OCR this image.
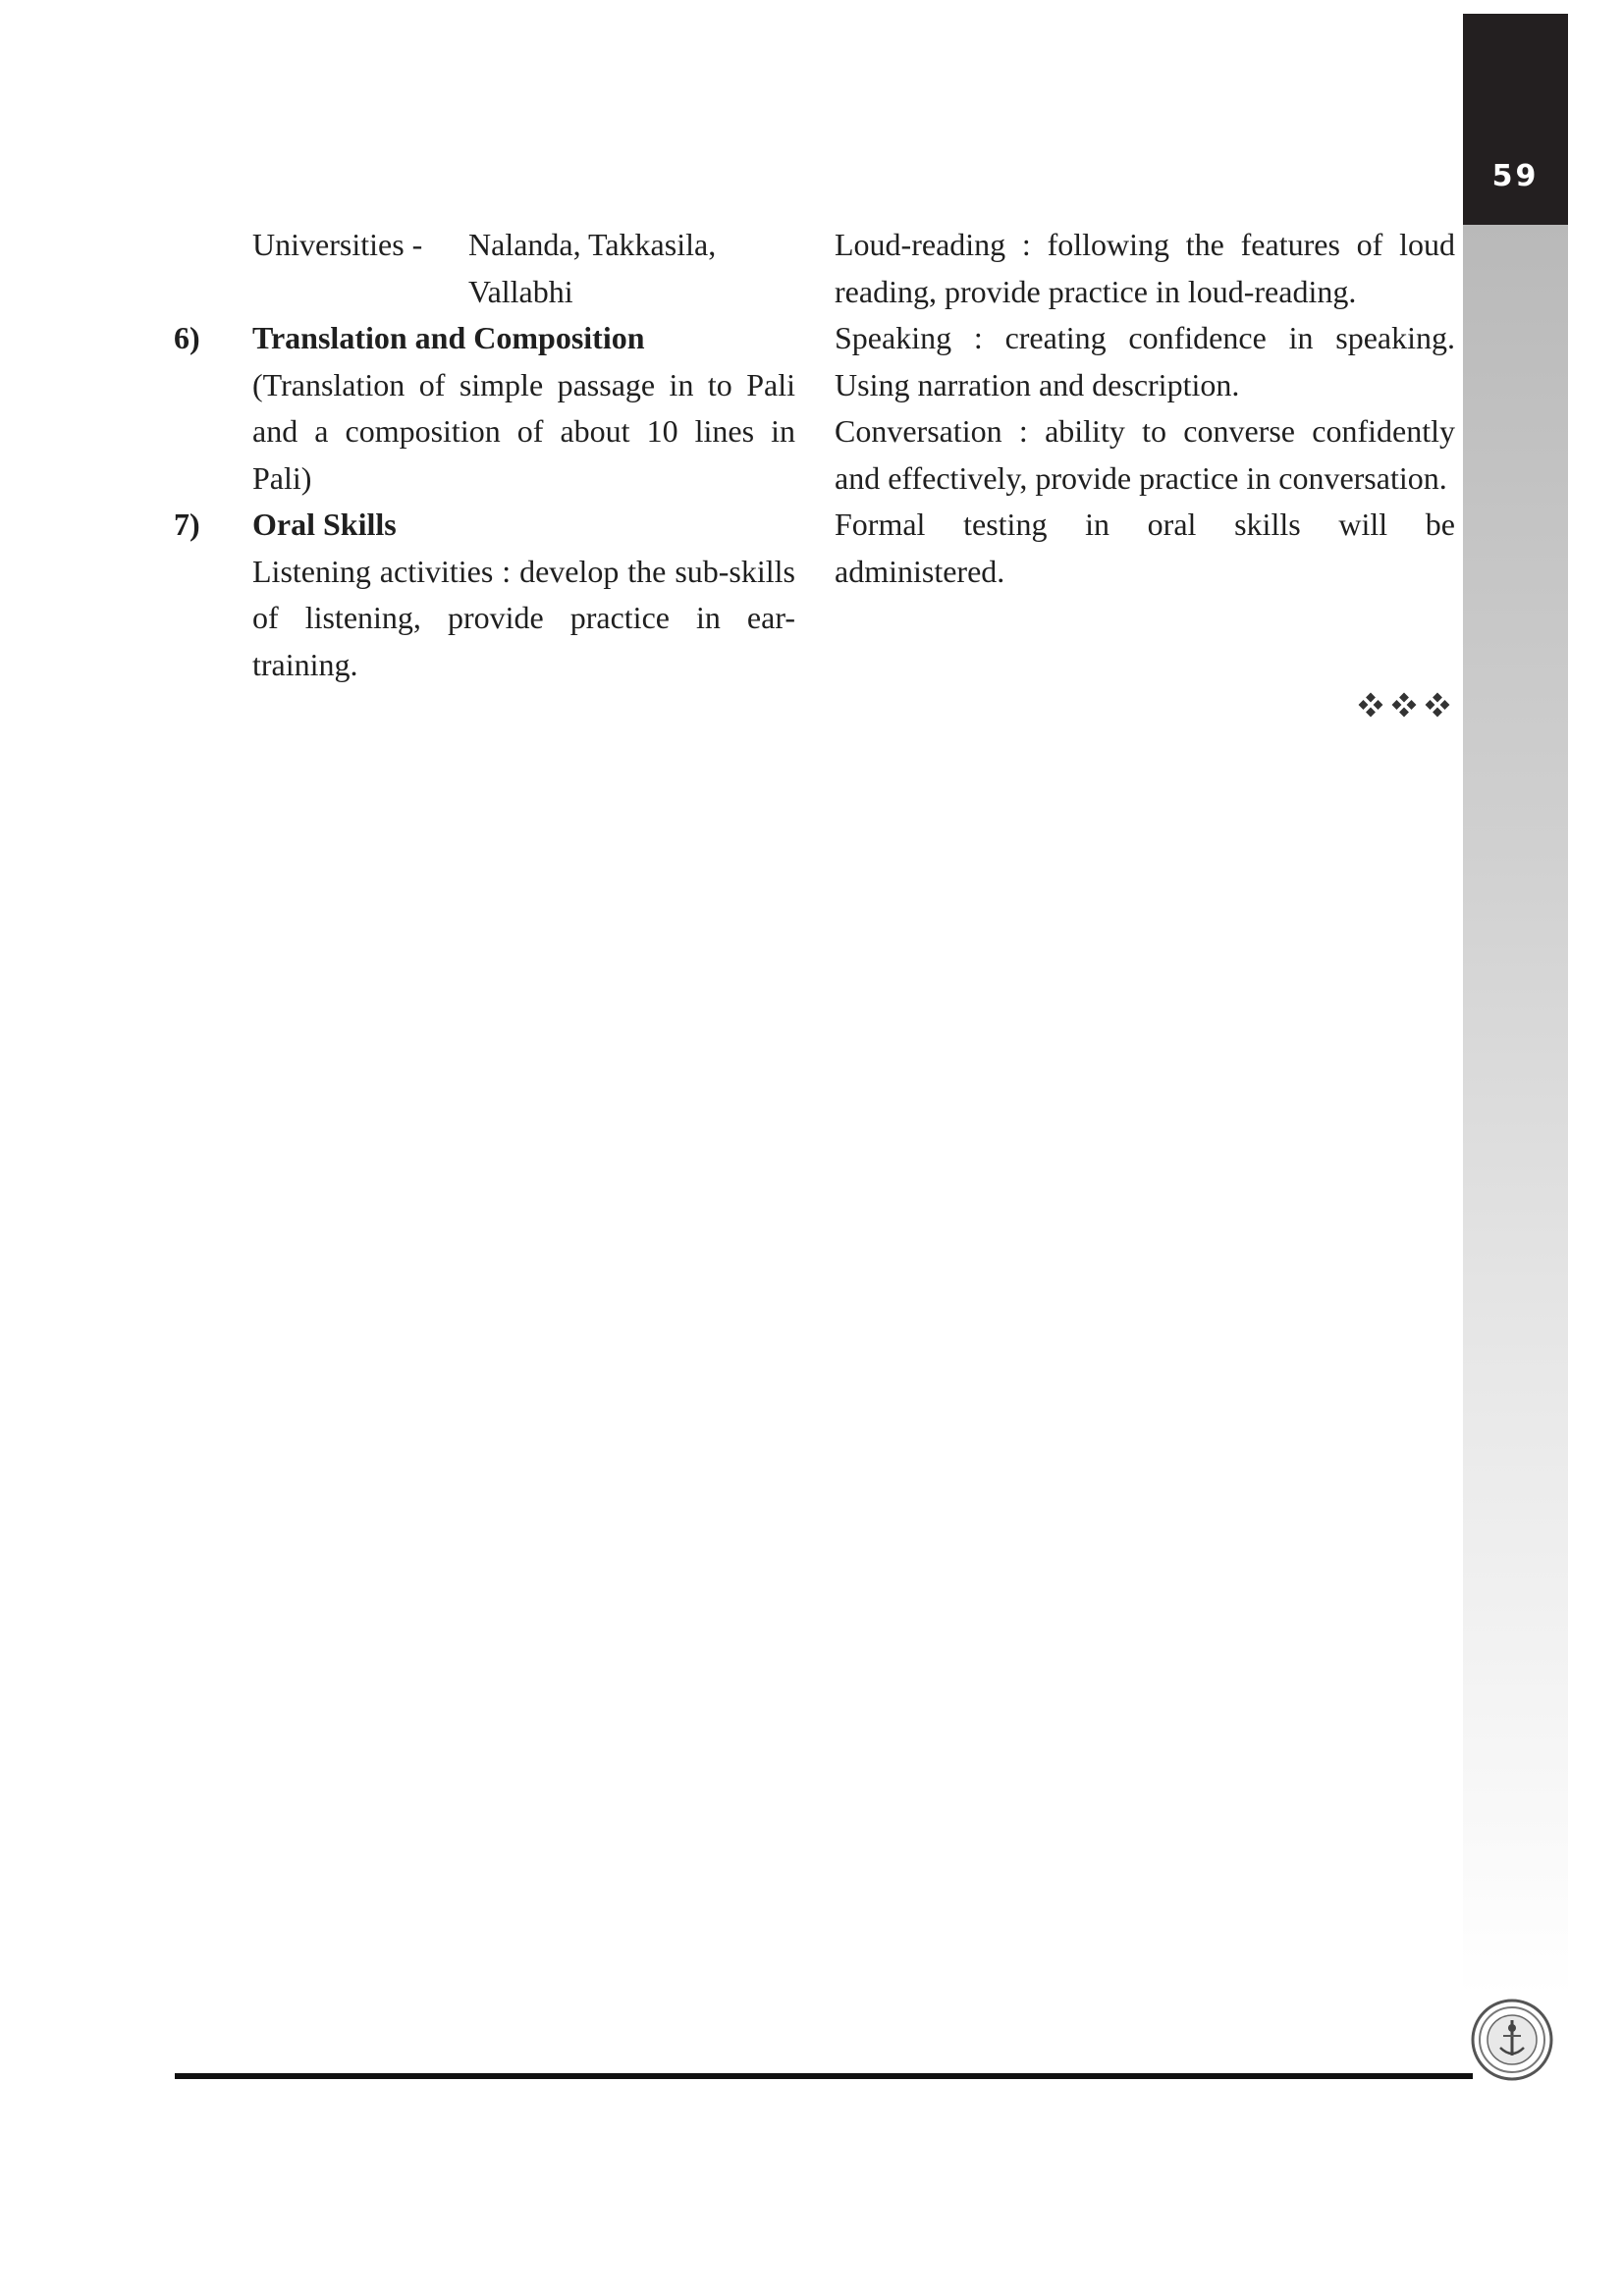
59
Universities -	Nalanda, Takkasila,
Vallabhi
6) Translation and Composition

(Translation of simple passage in to Pali and a composition of about 10 lines in Pali)

7) Oral Skills

Listening activities : develop the sub-skills of listening, provide practice in ear-training.

Loud-reading : following the features of loud reading, provide practice in loud-reading.

Speaking : creating confidence in speaking. Using narration and description.

Conversation : ability to converse confidently and effectively, provide practice in conversation.

Formal testing in oral skills will be
administered.
